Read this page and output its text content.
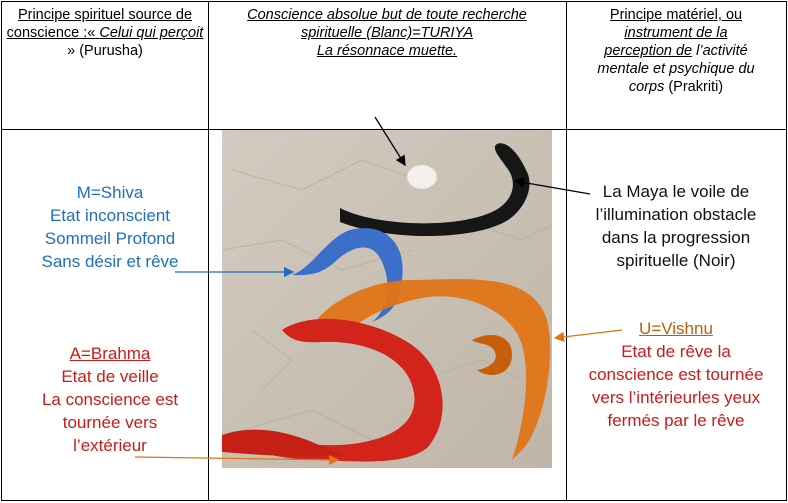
Principe spirituel source de conscience :« Celui qui perçoit » (Purusha)
Conscience absolue but de toute recherche
spirituelle (Blanc)=TURIYA
La résonnace muette.
Principe matériel, ou
instrument de la
perception de l’activité
mentale et psychique du
corps (Prakriti)
M=Shiva
Etat inconscient
Sommeil Profond
Sans désir et rêve
A=Brahma
Etat de veille
La conscience est
tournée vers
l’extérieur
La Maya le voile de
l’illumination obstacle
dans la progression
spirituelle (Noir)
U=Vishnu
Etat de rêve la
conscience est tournée
vers l’intérieurles yeux
fermés par le rêve
